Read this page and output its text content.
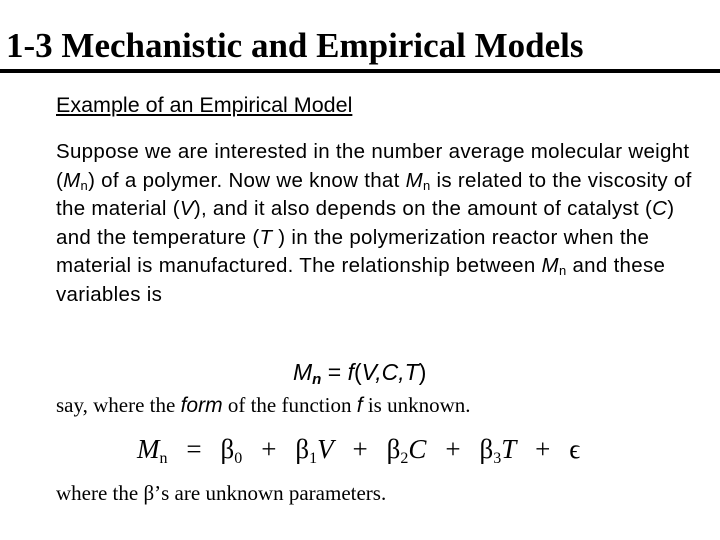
1-3 Mechanistic and Empirical Models
Example of an Empirical Model

Suppose we are interested in the number average molecular weight $(M_n)$ of a polymer. Now we know that $M_n$ is related to the viscosity of the material (V), and it also depends on the amount of catalyst (C) and the temperature (T ) in the polymerization reactor when the material is manufactured. The relationship between $M_n$ and these variables is

$M_n = f(V,C,T)$

say, where the form of the function f is unknown.

$M_n = \beta_0 + \beta_1V + \beta_2C + \beta_3T + \epsilon$

where the β’s are unknown parameters.
